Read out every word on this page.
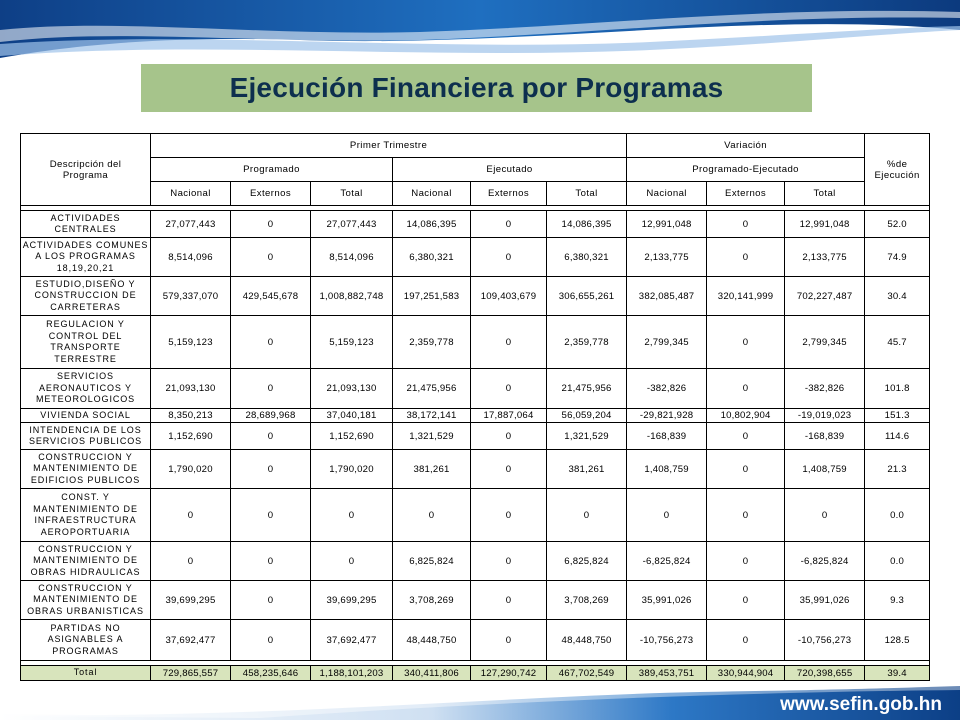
Ejecución Financiera por Programas
Descripción del Programa	Primer Trimestre						Variación			%de Ejecución
	Programado			Ejecutado			Programado-Ejecutado			
	Nacional	Externos	Total	Nacional	Externos	Total	Nacional	Externos	Total	

ACTIVIDADES CENTRALES	27,077,443	0	27,077,443	14,086,395	0	14,086,395	12,991,048	0	12,991,048	52.0
ACTIVIDADES COMUNES A LOS PROGRAMAS 18,19,20,21	8,514,096	0	8,514,096	6,380,321	0	6,380,321	2,133,775	0	2,133,775	74.9
ESTUDIO,DISEÑO Y CONSTRUCCION DE CARRETERAS	579,337,070	429,545,678	1,008,882,748	197,251,583	109,403,679	306,655,261	382,085,487	320,141,999	702,227,487	30.4
REGULACION Y CONTROL DEL TRANSPORTE TERRESTRE	5,159,123	0	5,159,123	2,359,778	0	2,359,778	2,799,345	0	2,799,345	45.7
SERVICIOS AERONAUTICOS Y METEOROLOGICOS	21,093,130	0	21,093,130	21,475,956	0	21,475,956	-382,826	0	-382,826	101.8
VIVIENDA SOCIAL	8,350,213	28,689,968	37,040,181	38,172,141	17,887,064	56,059,204	-29,821,928	10,802,904	-19,019,023	151.3
INTENDENCIA DE LOS SERVICIOS PUBLICOS	1,152,690	0	1,152,690	1,321,529	0	1,321,529	-168,839	0	-168,839	114.6
CONSTRUCCION Y MANTENIMIENTO DE EDIFICIOS PUBLICOS	1,790,020	0	1,790,020	381,261	0	381,261	1,408,759	0	1,408,759	21.3
CONST. Y MANTENIMIENTO DE INFRAESTRUCTURA AEROPORTUARIA	0	0	0	0	0	0	0	0	0	0.0
CONSTRUCCION Y MANTENIMIENTO DE OBRAS HIDRAULICAS	0	0	0	6,825,824	0	6,825,824	-6,825,824	0	-6,825,824	0.0
CONSTRUCCION Y MANTENIMIENTO DE OBRAS URBANISTICAS	39,699,295	0	39,699,295	3,708,269	0	3,708,269	35,991,026	0	35,991,026	9.3
PARTIDAS NO ASIGNABLES A PROGRAMAS	37,692,477	0	37,692,477	48,448,750	0	48,448,750	-10,756,273	0	-10,756,273	128.5

Total	729,865,557	458,235,646	1,188,101,203	340,411,806	127,290,742	467,702,549	389,453,751	330,944,904	720,398,655	39.4
www.sefin.gob.hn
